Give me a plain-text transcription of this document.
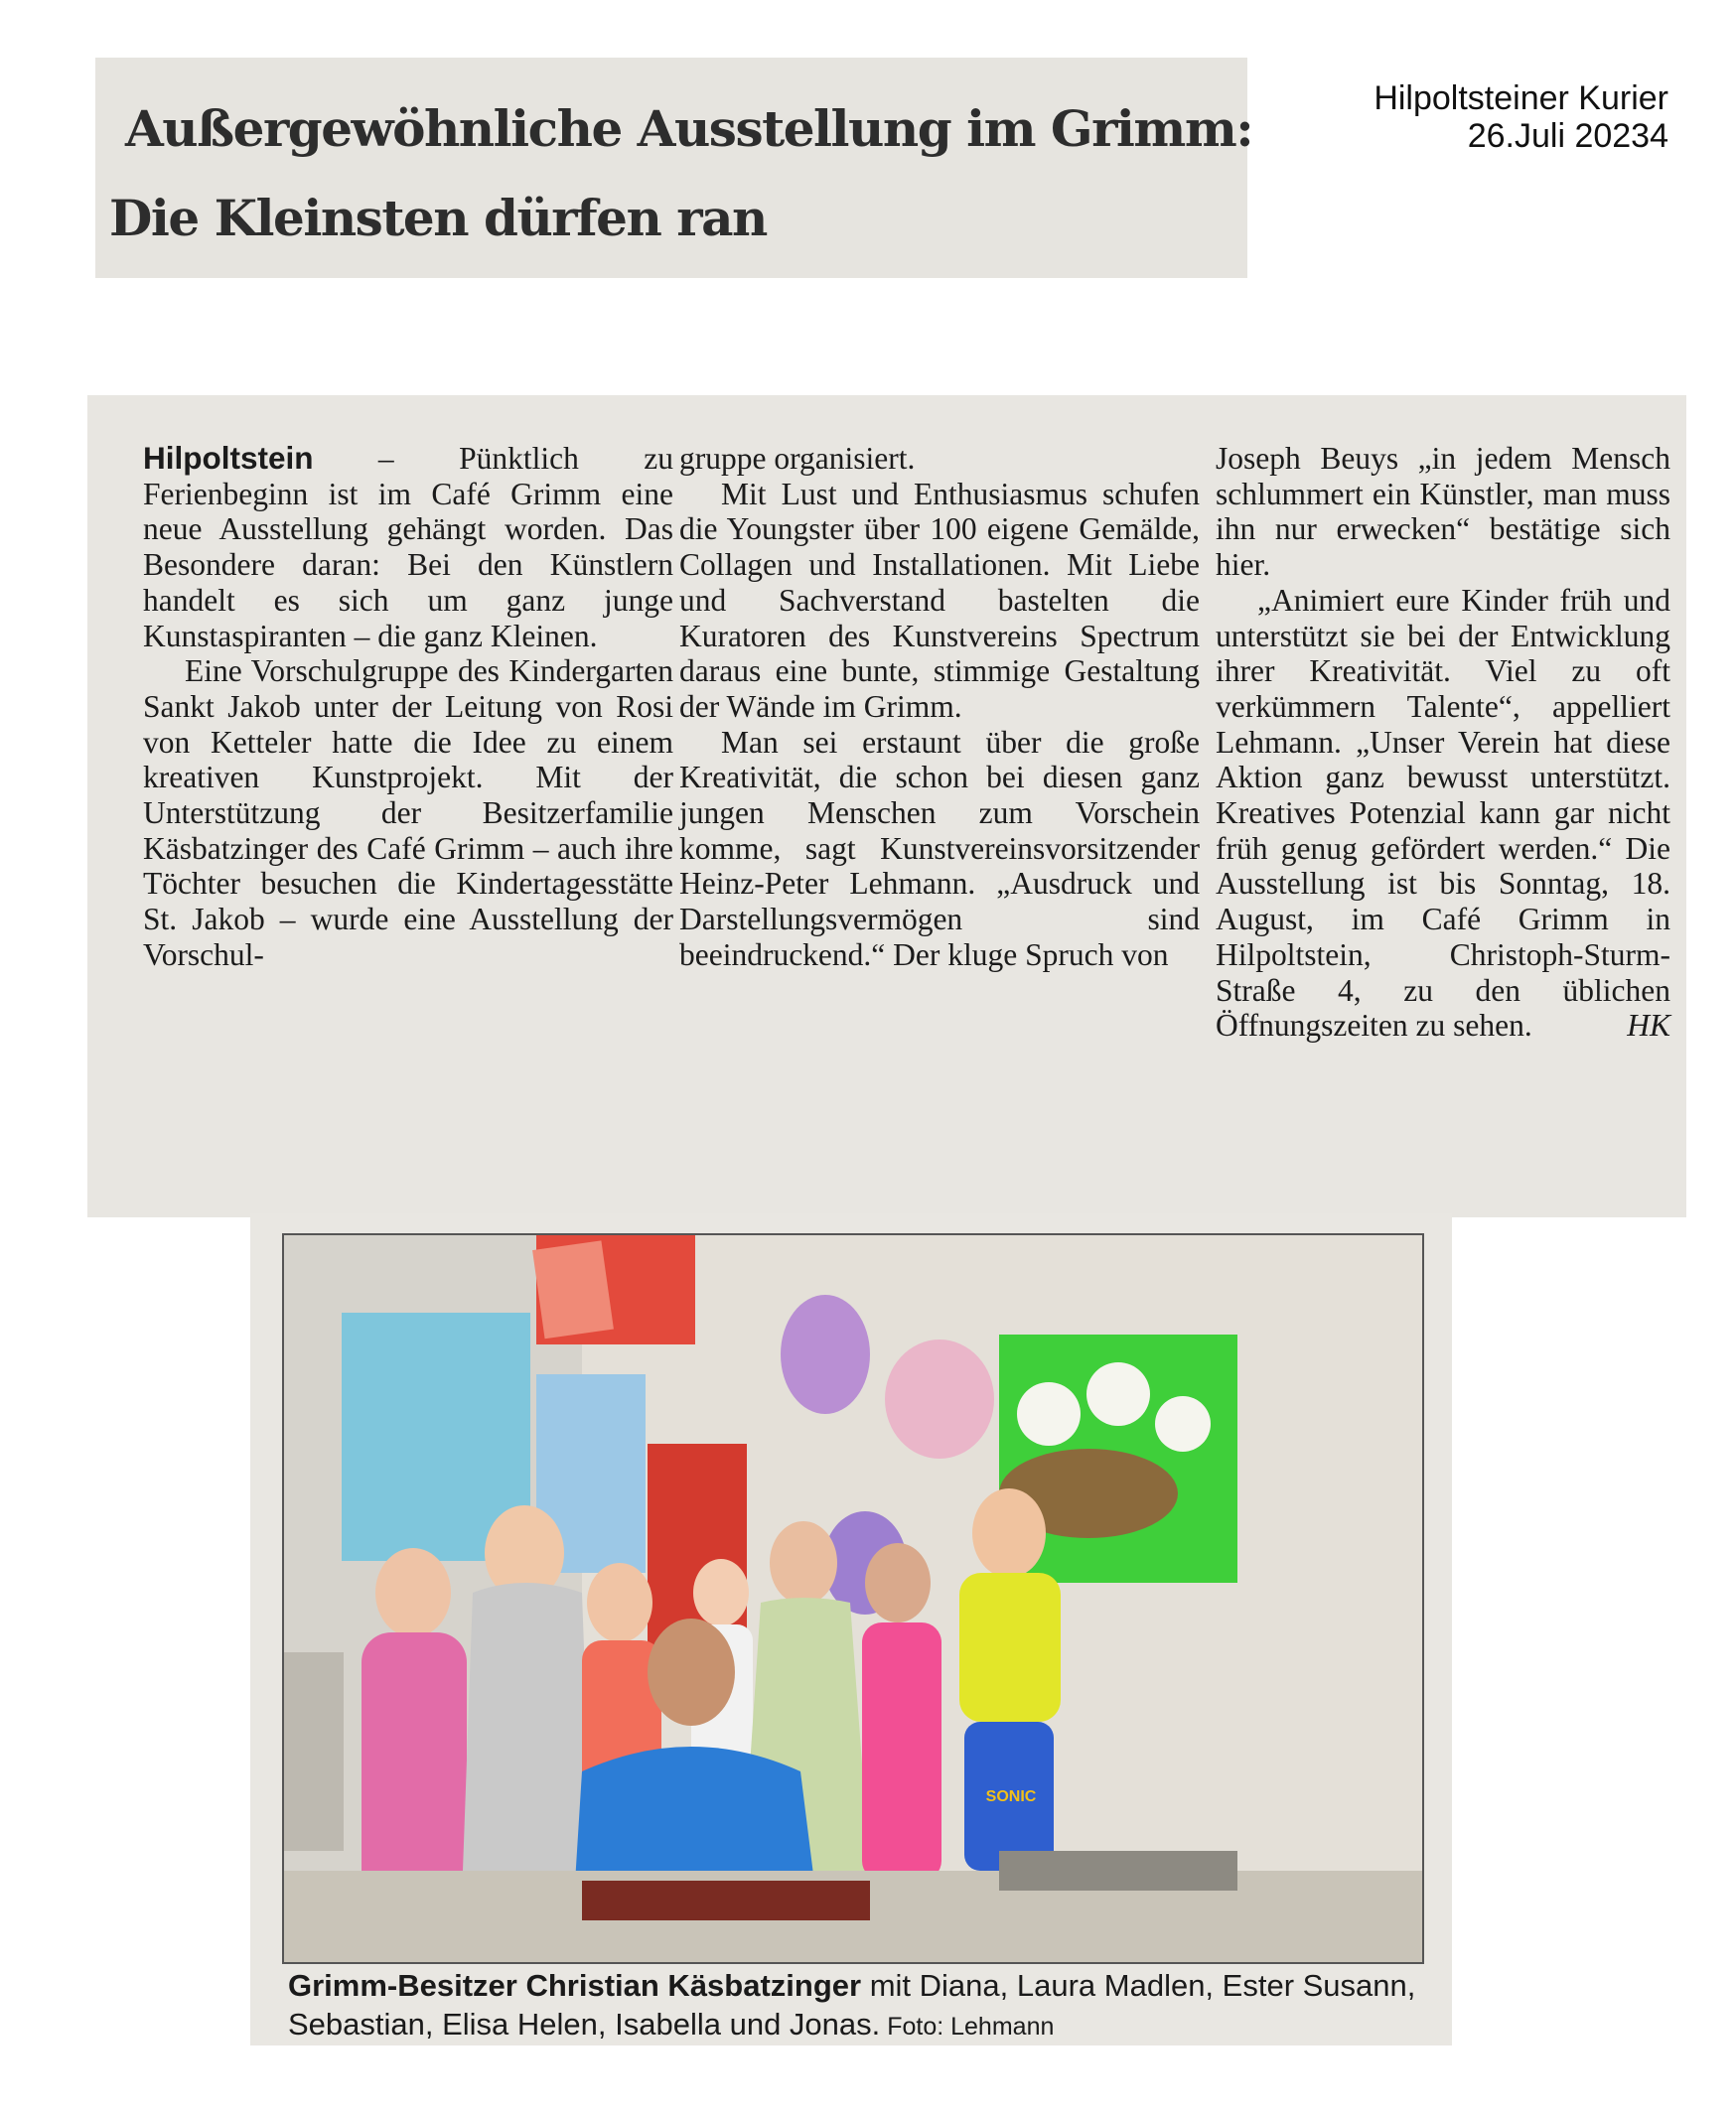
Hilpoltsteiner Kurier
26.Juli 20234
Außergewöhnliche Ausstellung im Grimm:
Die Kleinsten dürfen ran

Hilpoltstein – Pünktlich zu Ferienbeginn ist im Café Grimm eine neue Ausstellung gehängt worden. Das Besondere daran: Bei den Künstlern handelt es sich um ganz junge Kunstaspiranten – die ganz Kleinen.

Eine Vorschulgruppe des Kindergarten Sankt Jakob unter der Leitung von Rosi von Ketteler hatte die Idee zu einem kreativen Kunstprojekt. Mit der Unterstützung der Besitzerfamilie Käsbatzinger des Café Grimm – auch ihre Töchter besuchen die Kindertagesstätte St. Jakob – wurde eine Ausstellung der Vorschul-

gruppe organisiert.

Mit Lust und Enthusiasmus schufen die Youngster über 100 eigene Gemälde, Collagen und Installationen. Mit Liebe und Sachverstand bastelten die Kuratoren des Kunstvereins Spectrum daraus eine bunte, stimmige Gestaltung der Wände im Grimm.

Man sei erstaunt über die große Kreativität, die schon bei diesen ganz jungen Menschen zum Vorschein komme, sagt Kunstvereinsvorsitzender Heinz-Peter Lehmann. „Ausdruck und Darstellungsvermögen sind beeindruckend.“ Der kluge Spruch von

Joseph Beuys „in jedem Mensch schlummert ein Künstler, man muss ihn nur erwecken“ bestätige sich hier.

„Animiert eure Kinder früh und unterstützt sie bei der Entwicklung ihrer Kreativität. Viel zu oft verkümmern Talente“, appelliert Lehmann. „Unser Verein hat diese Aktion ganz bewusst unterstützt. Kreatives Potenzial kann gar nicht früh genug gefördert werden.“ Die Ausstellung ist bis Sonntag, 18. August, im Café Grimm in Hilpoltstein, Christoph-Sturm-Straße 4, zu den üblichen Öffnungszeiten zu sehen.	HK

SONIC
Grimm-Besitzer Christian Käsbatzinger mit Diana, Laura Madlen, Ester Susann, Sebastian, Elisa Helen, Isabella und Jonas. Foto: Lehmann
